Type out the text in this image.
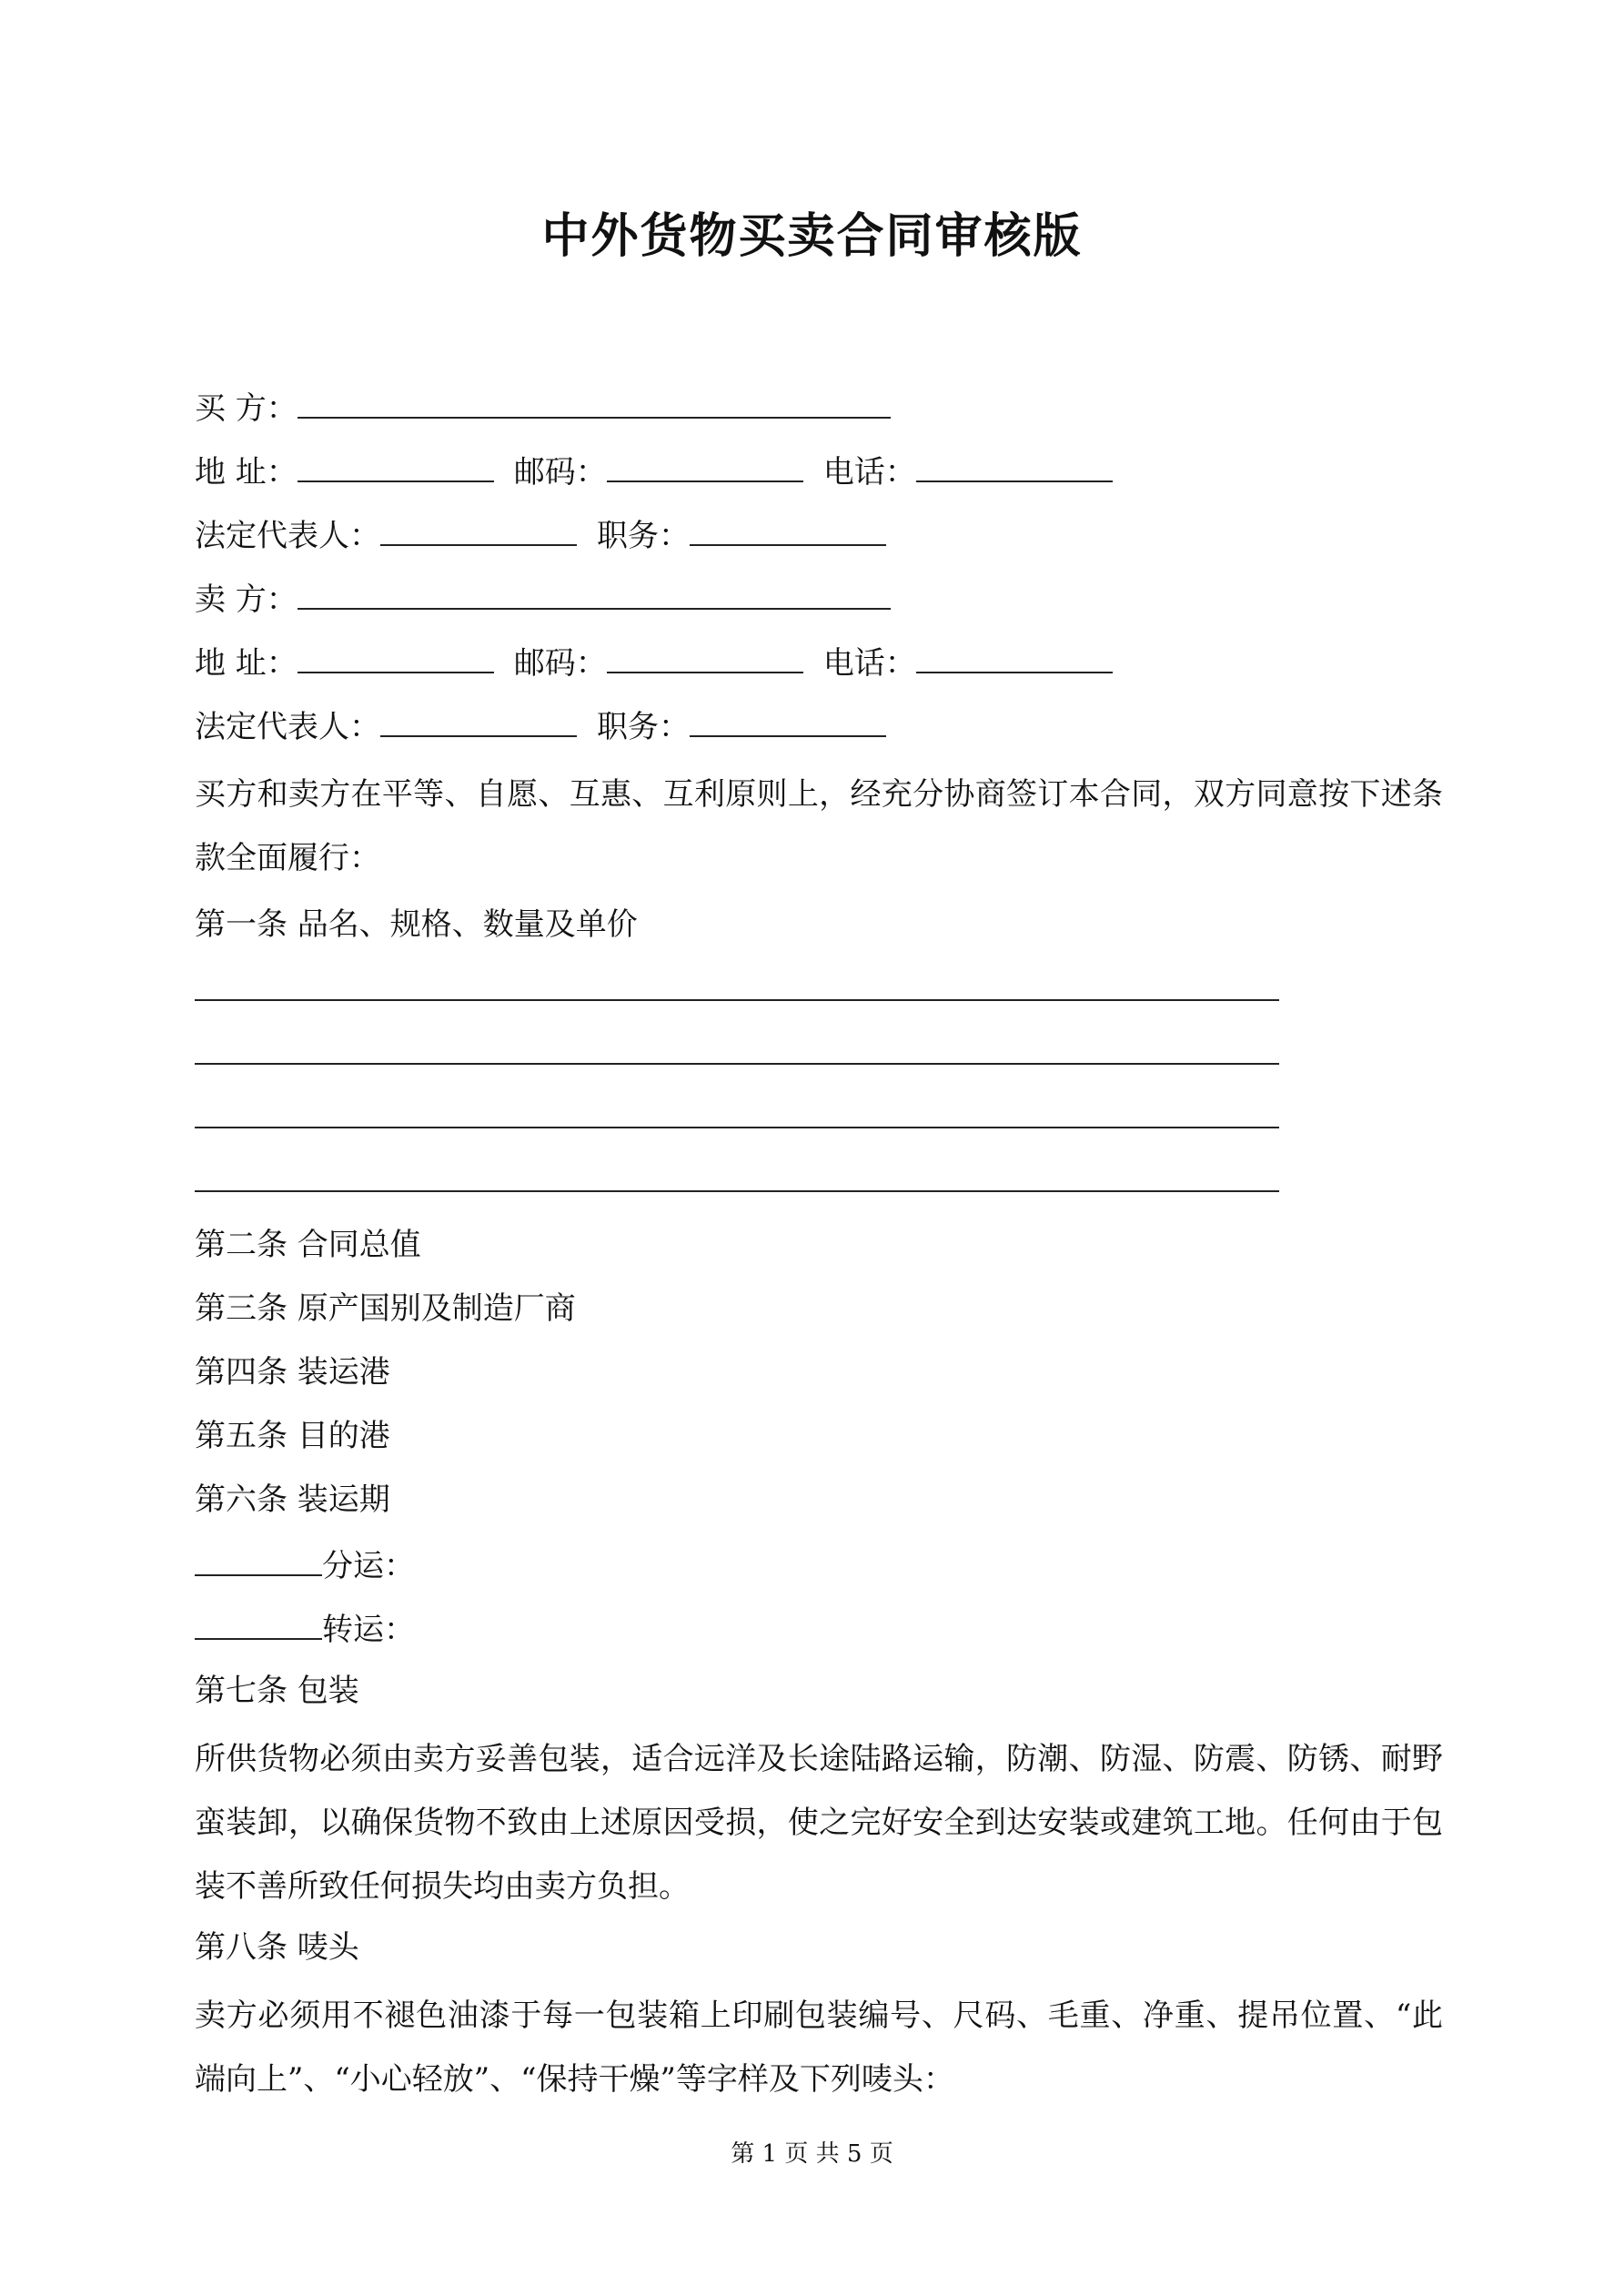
中外货物买卖合同审核版
买 方：
地 址：	邮码：	电话：
法定代表人：	职务：
卖 方：
地 址：	邮码：	电话：
法定代表人：	职务：
买方和卖方在平等、自愿、互惠、互利原则上，经充分协商签订本合同，双方同意按下述条款全面履行：
第一条 品名、规格、数量及单价
第二条 合同总值
第三条 原产国别及制造厂商
第四条 装运港
第五条 目的港
第六条 装运期
分运：
转运：
第七条 包装
所供货物必须由卖方妥善包装，适合远洋及长途陆路运输，防潮、防湿、防震、防锈、耐野蛮装卸，以确保货物不致由上述原因受损，使之完好安全到达安装或建筑工地。任何由于包装不善所致任何损失均由卖方负担。
第八条 唛头
卖方必须用不褪色油漆于每一包装箱上印刷包装编号、尺码、毛重、净重、提吊位置、“此端向上”、“小心轻放”、“保持干燥”等字样及下列唛头：
第 1 页 共 5 页
